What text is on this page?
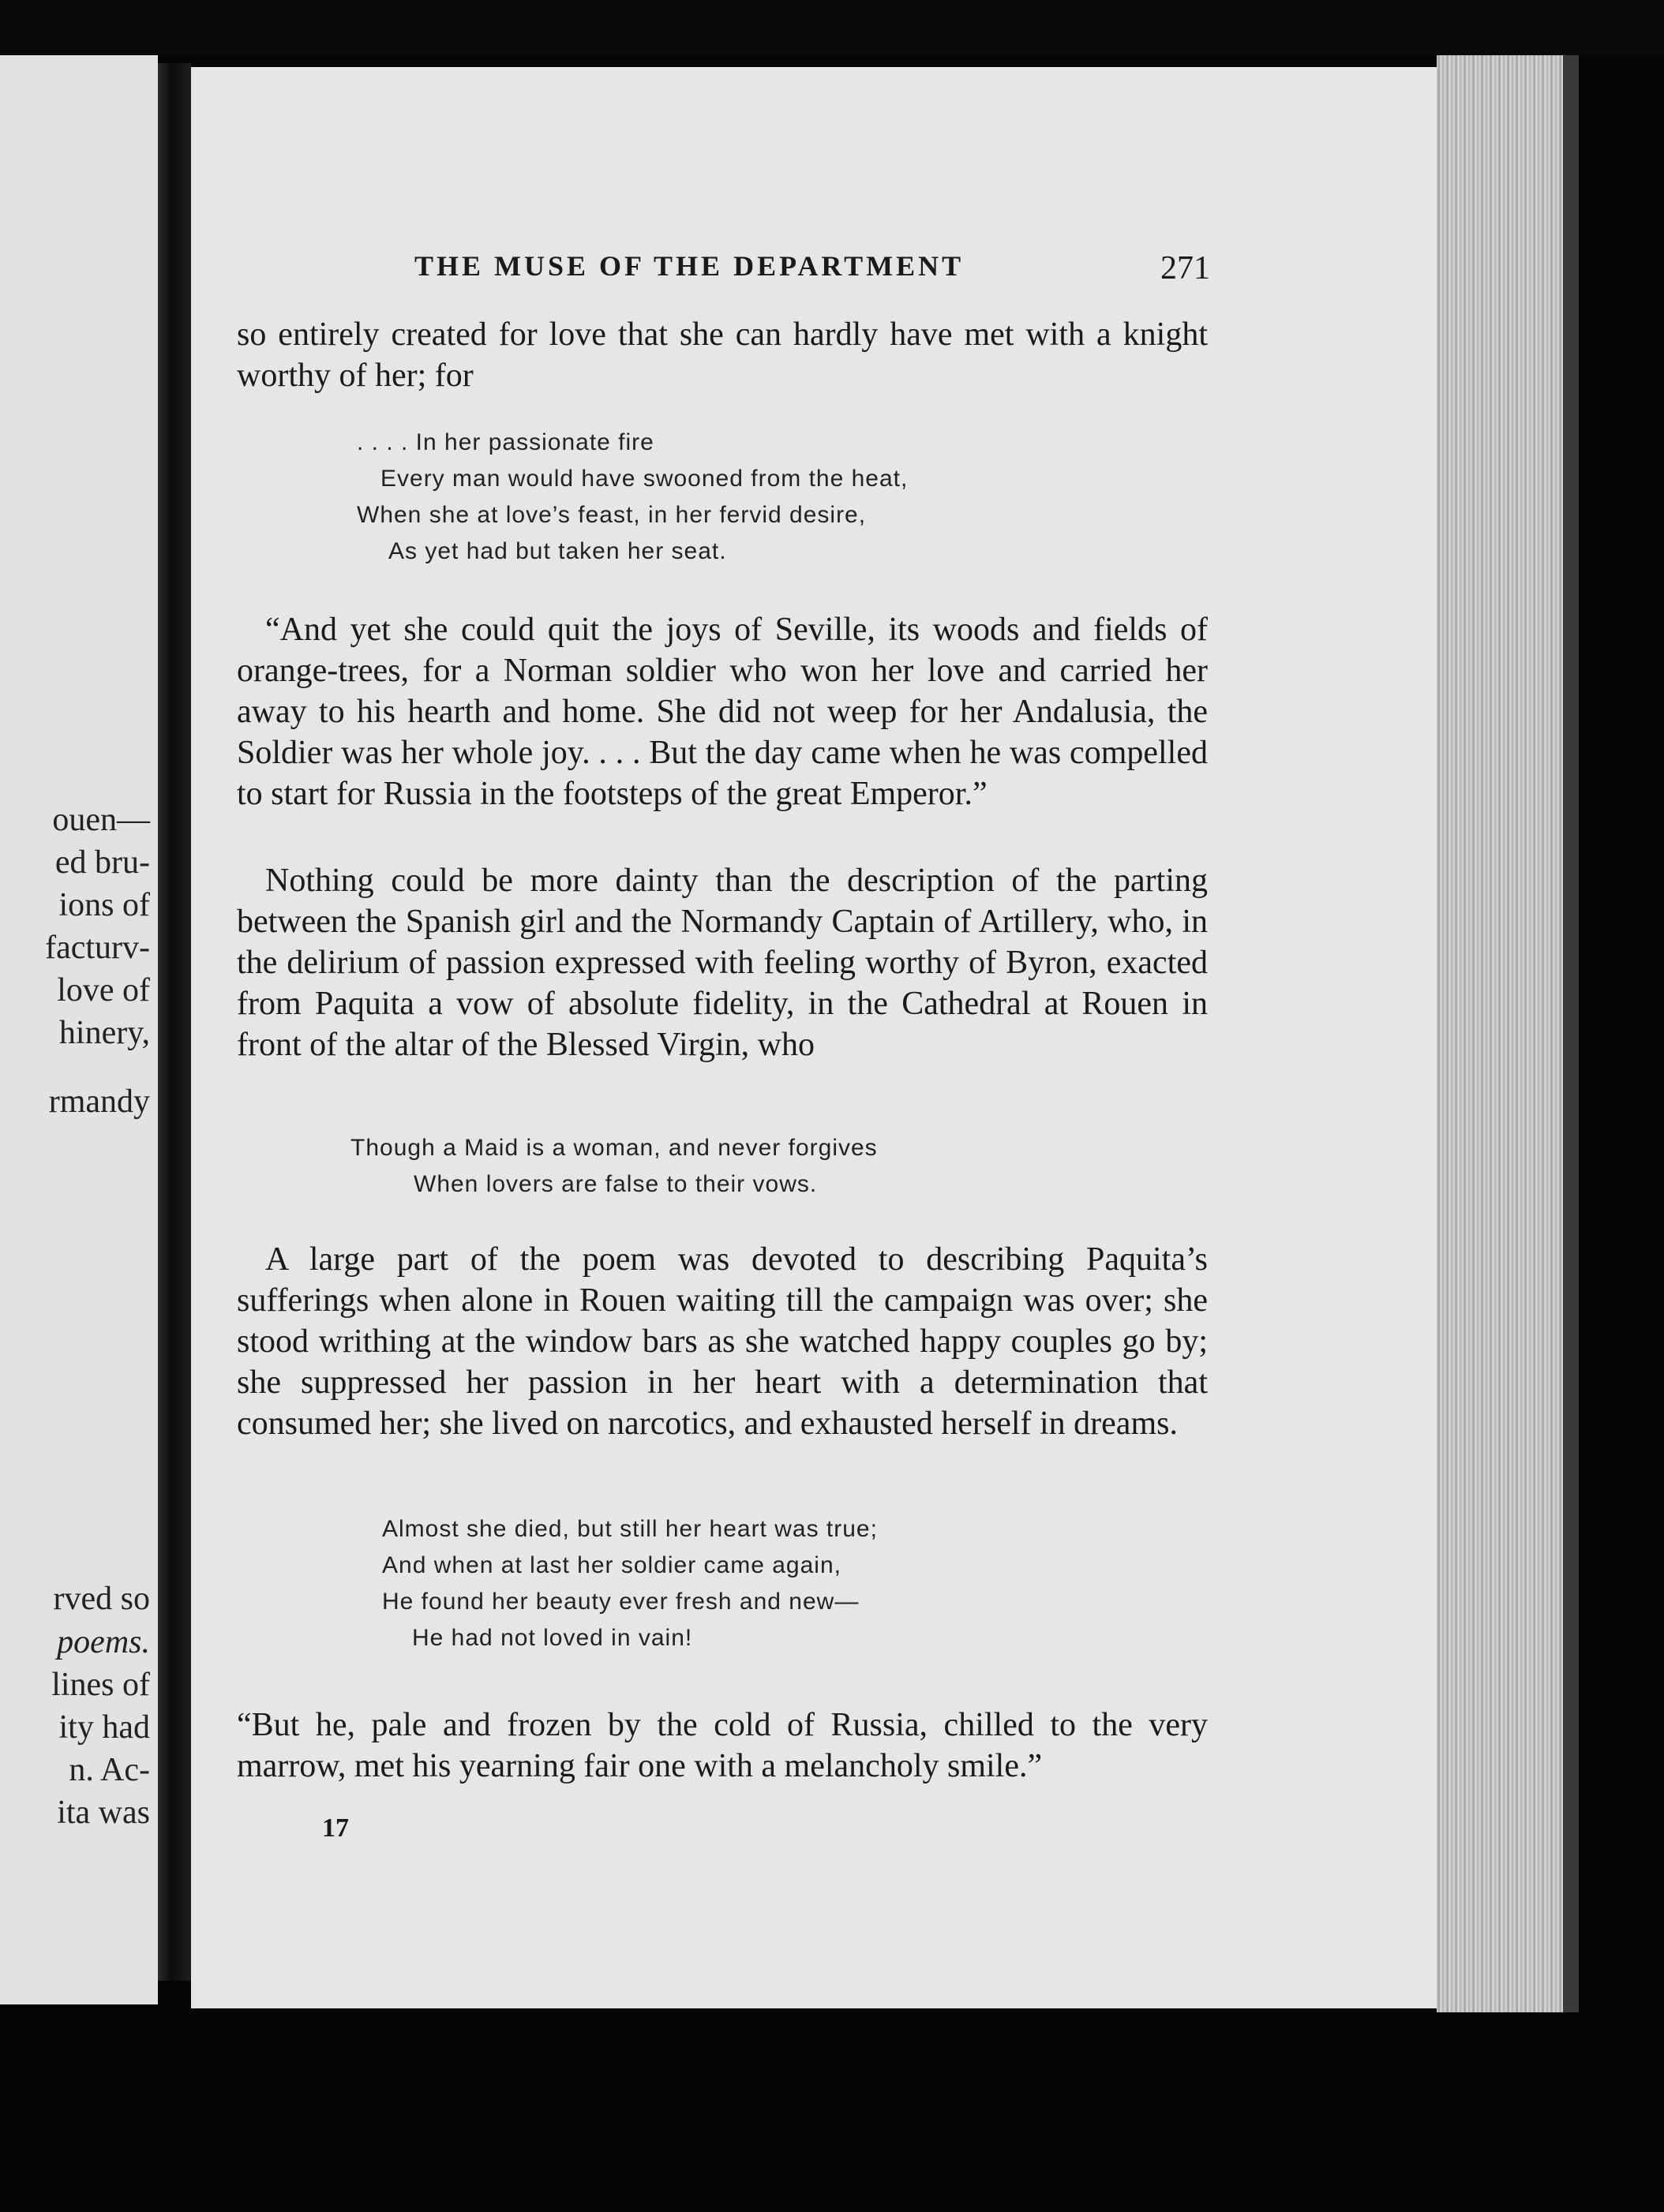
ouen—
ed bru-
ions of
facturv-
love of
hinery,
rmandy
rved so
poems.
lines of
ity had
n. Ac-
ita was
THE MUSE OF THE DEPARTMENT	271
so entirely created for love that she can hardly have met with a knight worthy of her; for
. . . . In her passionate fire
Every man would have swooned from the heat,
When she at love’s feast, in her fervid desire,
As yet had but taken her seat.
“And yet she could quit the joys of Seville, its woods and fields of orange-trees, for a Norman soldier who won her love and carried her away to his hearth and home. She did not weep for her Andalusia, the Soldier was her whole joy. . . . But the day came when he was compelled to start for Russia in the footsteps of the great Emperor.”
Nothing could be more dainty than the description of the parting between the Spanish girl and the Normandy Captain of Artillery, who, in the delirium of passion expressed with feeling worthy of Byron, exacted from Paquita a vow of absolute fidelity, in the Cathedral at Rouen in front of the altar of the Blessed Virgin, who
Though a Maid is a woman, and never forgives
When lovers are false to their vows.
A large part of the poem was devoted to describing Paquita’s sufferings when alone in Rouen waiting till the campaign was over; she stood writhing at the window bars as she watched happy couples go by; she suppressed her passion in her heart with a determination that consumed her; she lived on narcotics, and exhausted herself in dreams.
Almost she died, but still her heart was true;
And when at last her soldier came again,
He found her beauty ever fresh and new—
He had not loved in vain!
“But he, pale and frozen by the cold of Russia, chilled to the very marrow, met his yearning fair one with a melancholy smile.”
17
